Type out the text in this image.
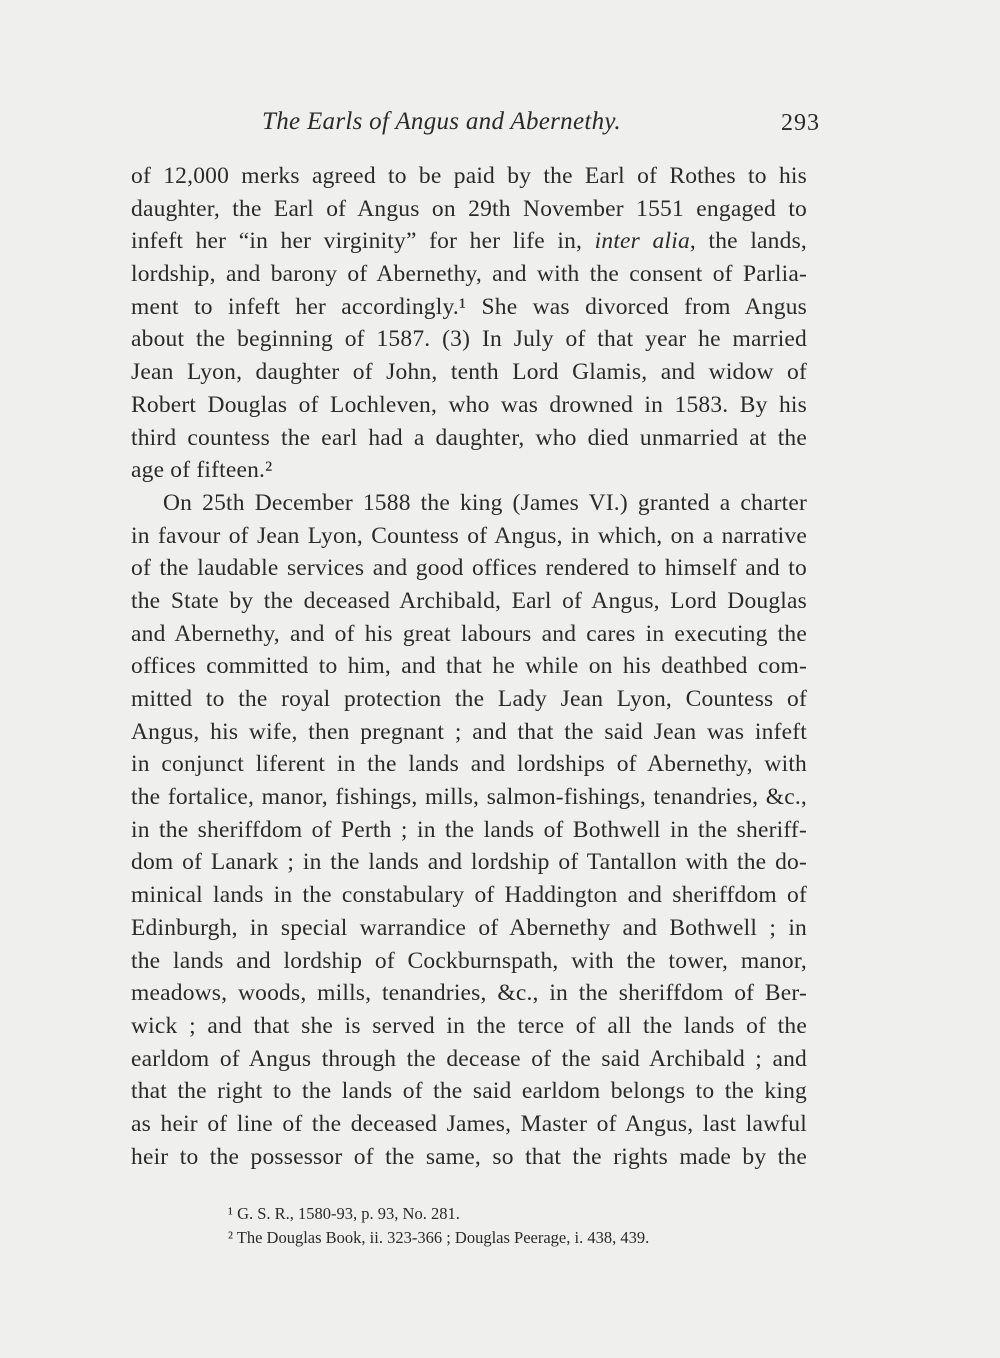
The Earls of Angus and Abernethy.	293
of 12,000 merks agreed to be paid by the Earl of Rothes to his
daughter, the Earl of Angus on 29th November 1551 engaged to
infeft her “in her virginity” for her life in, inter alia, the lands,
lordship, and barony of Abernethy, and with the consent of Parlia-
ment to infeft her accordingly.¹ She was divorced from Angus
about the beginning of 1587. (3) In July of that year he married
Jean Lyon, daughter of John, tenth Lord Glamis, and widow of
Robert Douglas of Lochleven, who was drowned in 1583. By his
third countess the earl had a daughter, who died unmarried at the
age of fifteen.²
On 25th December 1588 the king (James VI.) granted a charter
in favour of Jean Lyon, Countess of Angus, in which, on a narrative
of the laudable services and good offices rendered to himself and to
the State by the deceased Archibald, Earl of Angus, Lord Douglas
and Abernethy, and of his great labours and cares in executing the
offices committed to him, and that he while on his deathbed com-
mitted to the royal protection the Lady Jean Lyon, Countess of
Angus, his wife, then pregnant ; and that the said Jean was infeft
in conjunct liferent in the lands and lordships of Abernethy, with
the fortalice, manor, fishings, mills, salmon-fishings, tenandries, &c.,
in the sheriffdom of Perth ; in the lands of Bothwell in the sheriff-
dom of Lanark ; in the lands and lordship of Tantallon with the do-
minical lands in the constabulary of Haddington and sheriffdom of
Edinburgh, in special warrandice of Abernethy and Bothwell ; in
the lands and lordship of Cockburnspath, with the tower, manor,
meadows, woods, mills, tenandries, &c., in the sheriffdom of Ber-
wick ; and that she is served in the terce of all the lands of the
earldom of Angus through the decease of the said Archibald ; and
that the right to the lands of the said earldom belongs to the king
as heir of line of the deceased James, Master of Angus, last lawful
heir to the possessor of the same, so that the rights made by the
¹ G. S. R., 1580-93, p. 93, No. 281.
² The Douglas Book, ii. 323-366 ; Douglas Peerage, i. 438, 439.
